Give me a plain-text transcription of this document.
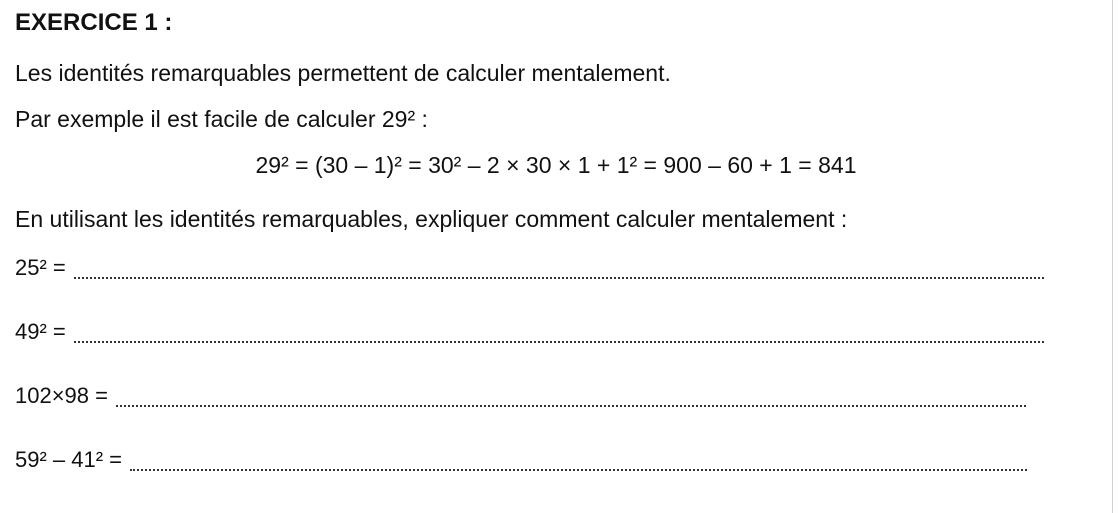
EXERCICE 1 :
Les identités remarquables permettent de calculer mentalement.
Par exemple il est facile de calculer 29² :
29² = (30 – 1)² = 30² – 2 × 30 × 1 + 1² = 900 – 60 + 1 = 841
En utilisant les identités remarquables, expliquer comment calculer mentalement :
25² =
49² =
102×98 =
59² – 41² =
